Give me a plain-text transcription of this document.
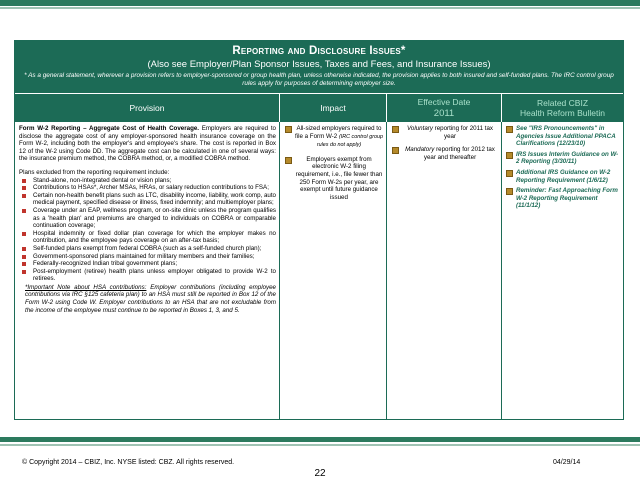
Reporting and Disclosure Issues*
(Also see Employer/Plan Sponsor Issues, Taxes and Fees, and Insurance Issues)
* As a general statement, wherever a provision refers to employer-sponsored or group health plan, unless otherwise indicated, the provision applies to both insured and self-funded plans. The IRC control group rules apply for purposes of determining employer size.
Provision	Impact
Effective Date
2011
Related CBIZ
Health Reform Bulletin
Form W-2 Reporting – Aggregate Cost of Health Coverage. Employers are required to disclose the aggregate cost of any employer-sponsored health insurance coverage on the Form W-2, including both the employer's and employee's share. The cost is reported in Box 12 of the W-2 using Code DD. The aggregate cost can be calculated in one of several ways: the insurance premium method, the COBRA method, or, a modified COBRA method.
Plans excluded from the reporting requirement include:
Stand-alone, non-integrated dental or vision plans;
Contributions to HSAs*, Archer MSAs, HRAs, or salary reduction contributions to FSA;
Certain non-health benefit plans such as LTC, disability income, liability, work comp, auto medical payment, specified disease or illness, fixed indemnity; and multiemployer plans;
Coverage under an EAP, wellness program, or on-site clinic unless the program qualifies as a 'health plan' and premiums are charged to individuals on COBRA or comparable continuation coverage;
Hospital indemnity or fixed dollar plan coverage for which the employer makes no contribution, and the employee pays coverage on an after-tax basis;
Self-funded plans exempt from federal COBRA (such as a self-funded church plan);
Government-sponsored plans maintained for military members and their families;
Federally-recognized Indian tribal government plans;
Post-employment (retiree) health plans unless employer obligated to provide W-2 to retirees.
*Important Note about HSA contributions: Employer contributions (including employee contributions via IRC §125 cafeteria plan) to an HSA must still be reported in Box 12 of the Form W-2 using Code W. Employer contributions to an HSA that are not excludable from the income of the employee must continue to be reported in Boxes 1, 3, and 5.
All-sized employers required to file a Form W-2 (IRC control group rules do not apply)
Employers exempt from electronic W-2 filing requirement, i.e., file fewer than 250 Form W-2s per year, are exempt until future guidance issued
Voluntary reporting for 2011 tax year
Mandatory reporting for 2012 tax year and thereafter
See "IRS Pronouncements" in Agencies Issue Additional PPACA Clarifications (12/23/10)
IRS Issues Interim Guidance on W-2 Reporting (3/30/11)
Additional IRS Guidance on W-2 Reporting Requirement (1/6/12)
Reminder: Fast Approaching Form W-2 Reporting Requirement (11/1/12)
© Copyright 2014 – CBIZ, Inc. NYSE listed: CBZ. All rights reserved.	04/29/14
22
